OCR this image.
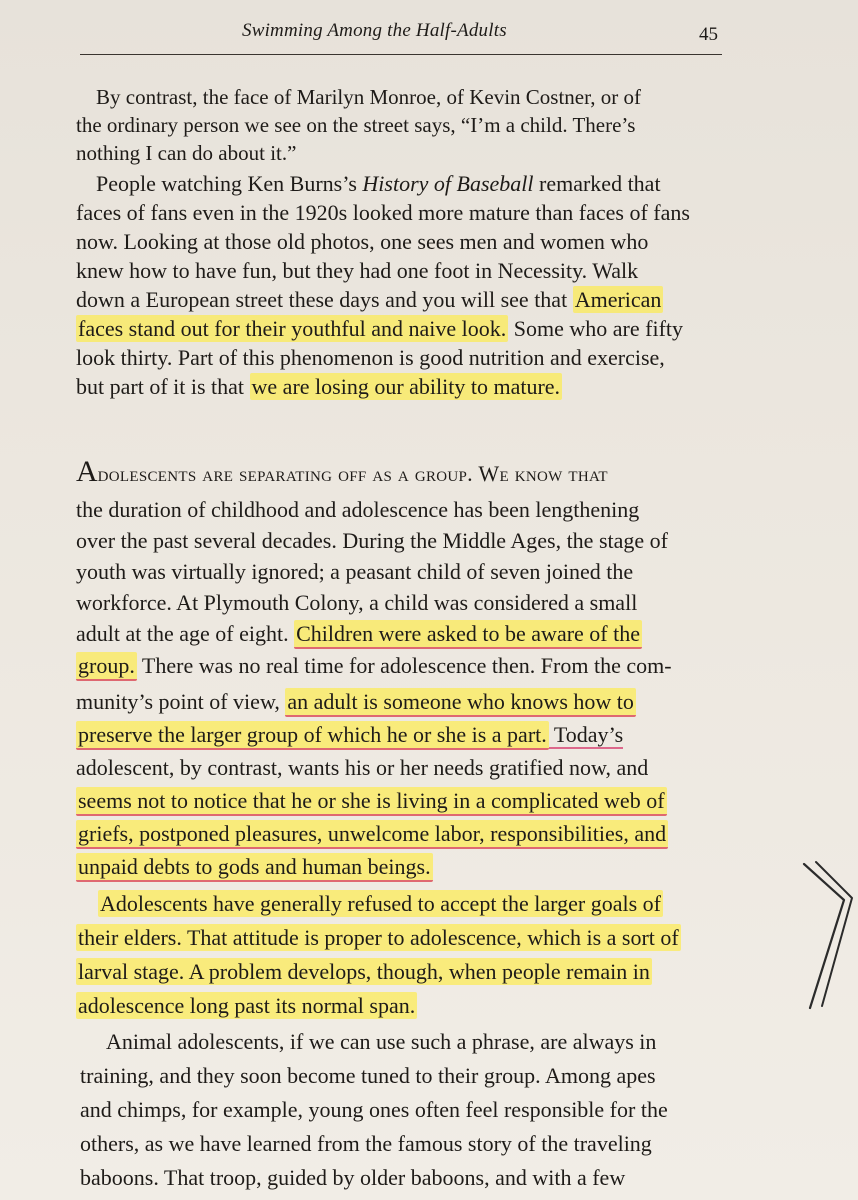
Swimming Among the Half-Adults	45
By contrast, the face of Marilyn Monroe, of Kevin Costner, or of
the ordinary person we see on the street says, “I’m a child. There’s
nothing I can do about it.”
People watching Ken Burns’s History of Baseball remarked that
faces of fans even in the 1920s looked more mature than faces of fans
now. Looking at those old photos, one sees men and women who
knew how to have fun, but they had one foot in Necessity. Walk
down a European street these days and you will see that American
faces stand out for their youthful and naive look. Some who are fifty
look thirty. Part of this phenomenon is good nutrition and exercise,
but part of it is that we are losing our ability to mature.
Adolescents are separating off as a group. We know that
the duration of childhood and adolescence has been lengthening
over the past several decades. During the Middle Ages, the stage of
youth was virtually ignored; a peasant child of seven joined the
workforce. At Plymouth Colony, a child was considered a small
adult at the age of eight. Children were asked to be aware of the
group. There was no real time for adolescence then. From the com-
munity’s point of view, an adult is someone who knows how to
preserve the larger group of which he or she is a part. Today’s
adolescent, by contrast, wants his or her needs gratified now, and
seems not to notice that he or she is living in a complicated web of
griefs, postponed pleasures, unwelcome labor, responsibilities, and
unpaid debts to gods and human beings.
Adolescents have generally refused to accept the larger goals of
their elders. That attitude is proper to adolescence, which is a sort of
larval stage. A problem develops, though, when people remain in
adolescence long past its normal span.
Animal adolescents, if we can use such a phrase, are always in
training, and they soon become tuned to their group. Among apes
and chimps, for example, young ones often feel responsible for the
others, as we have learned from the famous story of the traveling
baboons. That troop, guided by older baboons, and with a few
